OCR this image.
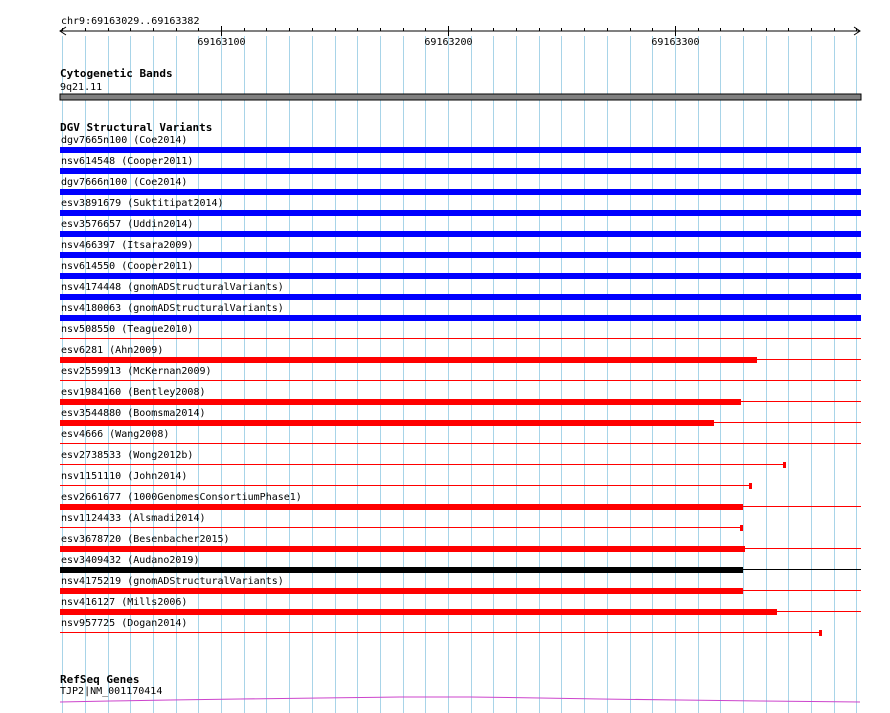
chr9:69163029..69163382
69163100	69163200	69163300
Cytogenetic Bands
9q21.11
DGV Structural Variants
dgv7665n100 (Coe2014)
nsv614548 (Cooper2011)
dgv7666n100 (Coe2014)
esv3891679 (Suktitipat2014)
esv3576657 (Uddin2014)
nsv466397 (Itsara2009)
nsv614550 (Cooper2011)
nsv4174448 (gnomADStructuralVariants)
nsv4180063 (gnomADStructuralVariants)
nsv508550 (Teague2010)
esv6281 (Ahn2009)
esv2559913 (McKernan2009)
esv1984160 (Bentley2008)
esv3544880 (Boomsma2014)
esv4666 (Wang2008)
esv2738533 (Wong2012b)
nsv1151110 (John2014)
esv2661677 (1000GenomesConsortiumPhase1)
nsv1124433 (Alsmadi2014)
esv3678720 (Besenbacher2015)
esv3409432 (Audano2019)
nsv4175219 (gnomADStructuralVariants)
nsv416127 (Mills2006)
nsv957725 (Dogan2014)
RefSeq Genes
TJP2|NM_001170414
